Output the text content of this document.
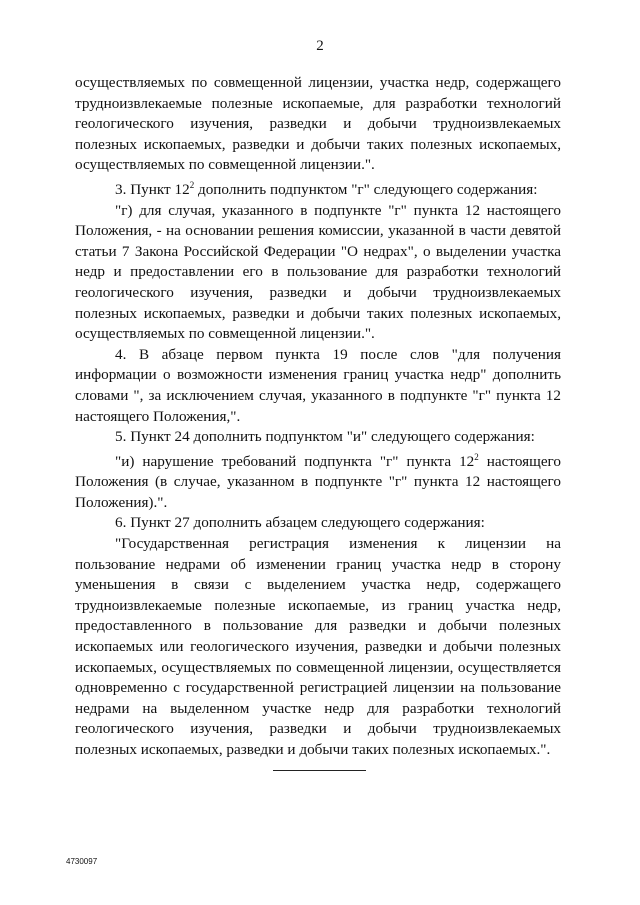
2

осуществляемых по совмещенной лицензии, участка недр, содержащего трудноизвлекаемые полезные ископаемые, для разработки технологий геологического изучения, разведки и добычи трудноизвлекаемых полезных ископаемых, разведки и добычи таких полезных ископаемых, осуществляемых по совмещенной лицензии.".

3. Пункт $12^2$ дополнить подпунктом "г" следующего содержания:

"г) для случая, указанного в подпункте "г" пункта 12 настоящего Положения, - на основании решения комиссии, указанной в части девятой статьи 7 Закона Российской Федерации "О недрах", о выделении участка недр и предоставлении его в пользование для разработки технологий геологического изучения, разведки и добычи трудноизвлекаемых полезных ископаемых, разведки и добычи таких полезных ископаемых, осуществляемых по совмещенной лицензии.".

4. В абзаце первом пункта 19 после слов "для получения информации о возможности изменения границ участка недр" дополнить словами ", за исключением случая, указанного в подпункте "г" пункта 12 настоящего Положения,".

5. Пункт 24 дополнить подпунктом "и" следующего содержания:

"и) нарушение требований подпункта "г" пункта $12^2$ настоящего Положения (в случае, указанном в подпункте "г" пункта 12 настоящего Положения).".

6. Пункт 27 дополнить абзацем следующего содержания:

"Государственная регистрация изменения к лицензии на пользование недрами об изменении границ участка недр в сторону уменьшения в связи с выделением участка недр, содержащего трудноизвлекаемые полезные ископаемые, из границ участка недр, предоставленного в пользование для разведки и добычи полезных ископаемых или геологического изучения, разведки и добычи полезных ископаемых, осуществляемых по совмещенной лицензии, осуществляется одновременно с государственной регистрацией лицензии на пользование недрами на выделенном участке недр для разработки технологий геологического изучения, разведки и добычи трудноизвлекаемых полезных ископаемых, разведки и добычи таких полезных ископаемых.".

4730097
